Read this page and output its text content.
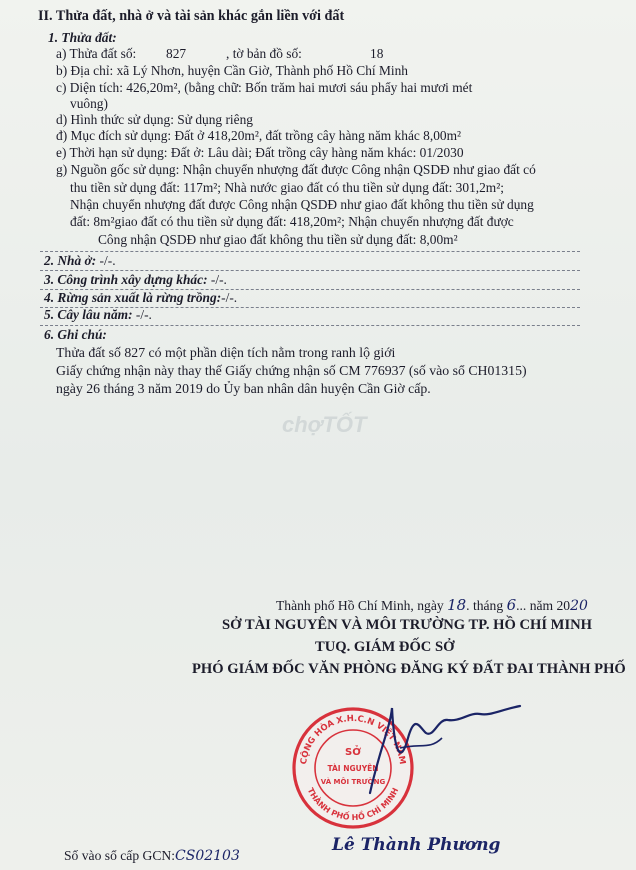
II. Thửa đất, nhà ở và tài sản khác gắn liền với đất
1. Thửa đất:
a) Thửa đất số: 827	, tờ bản đồ số:	18
b) Địa chỉ: xã Lý Nhơn, huyện Cần Giờ, Thành phố Hồ Chí Minh
c) Diện tích: 426,20m², (bằng chữ: Bốn trăm hai mươi sáu phẩy hai mươi mét
vuông)
d) Hình thức sử dụng: Sử dụng riêng
đ) Mục đích sử dụng: Đất ở 418,20m², đất trồng cây hàng năm khác 8,00m²
e) Thời hạn sử dụng: Đất ở: Lâu dài; Đất trồng cây hàng năm khác: 01/2030
g) Nguồn gốc sử dụng: Nhận chuyển nhượng đất được Công nhận QSDĐ như giao đất có
thu tiền sử dụng đất: 117m²; Nhà nước giao đất có thu tiền sử dụng đất: 301,2m²;
Nhận chuyển nhượng đất được Công nhận QSDĐ như giao đất không thu tiền sử dụng
đất: 8m²giao đất có thu tiền sử dụng đất: 418,20m²; Nhận chuyển nhượng đất được
Công nhận QSDĐ như giao đất không thu tiền sử dụng đất: 8,00m²
2. Nhà ở: -/-.
3. Công trình xây dựng khác: -/-.
4. Rừng sản xuất là rừng trồng:-/-.
5. Cây lâu năm: -/-.
6. Ghi chú:
Thửa đất số 827 có một phần diện tích nằm trong ranh lộ giới
Giấy chứng nhận này thay thế Giấy chứng nhận số CM 776937 (số vào sổ CH01315)
ngày 26 tháng 3 năm 2019 do Ủy ban nhân dân huyện Cần Giờ cấp.
chợTỐT
Thành phố Hồ Chí Minh, ngày 18. tháng 6... năm 2020
SỞ TÀI NGUYÊN VÀ MÔI TRƯỜNG TP. HỒ CHÍ MINH
TUQ. GIÁM ĐỐC SỞ
PHÓ GIÁM ĐỐC VĂN PHÒNG ĐĂNG KÝ ĐẤT ĐAI THÀNH PHỐ
CỘNG HÒA X.H.C.N VIỆT NAM
THÀNH PHỐ HỒ CHÍ MINH
SỞ
TÀI NGUYÊN
VÀ MÔI TRƯỜNG
Lê Thành Phương
Số vào sổ cấp GCN:CS02103
